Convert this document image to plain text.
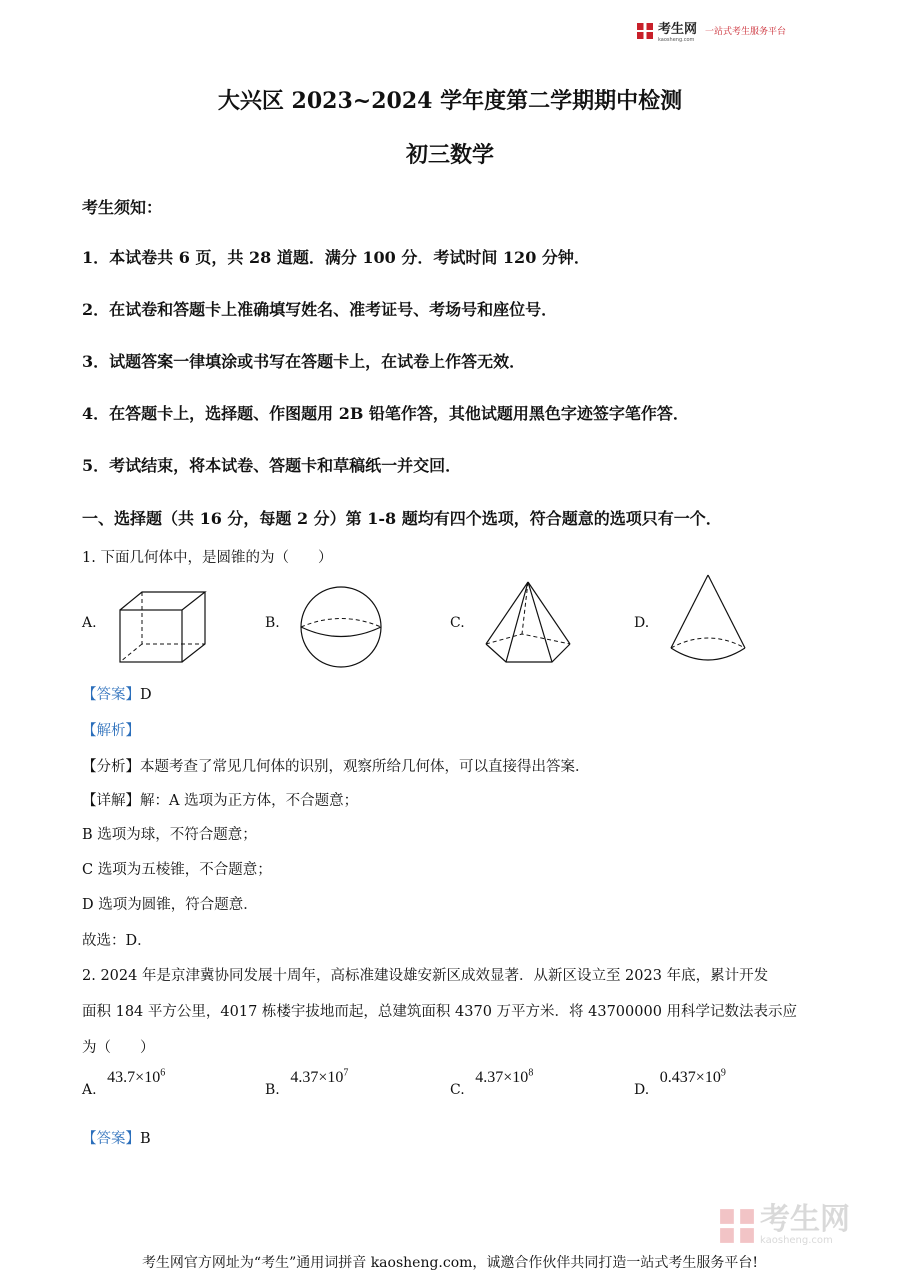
考生网
kaosheng.com
一站式考生服务平台
大兴区 2023~2024 学年度第二学期期中检测
初三数学
考生须知：
1．本试卷共 6 页，共 28 道题．满分 100 分．考试时间 120 分钟．
2．在试卷和答题卡上准确填写姓名、准考证号、考场号和座位号．
3．试题答案一律填涂或书写在答题卡上，在试卷上作答无效．
4．在答题卡上，选择题、作图题用 2B 铅笔作答，其他试题用黑色字迹签字笔作答．
5．考试结束，将本试卷、答题卡和草稿纸一并交回．
一、选择题（共 16 分，每题 2 分）第 1-8 题均有四个选项，符合题意的选项只有一个．
1. 下面几何体中，是圆锥的为（　　）
A.	B.	C.	D.
【答案】D
【解析】
【分析】本题考查了常见几何体的识别，观察所给几何体，可以直接得出答案．
【详解】解：A 选项为正方体，不合题意；
B 选项为球，不符合题意；
C 选项为五棱锥，不合题意；
D 选项为圆锥，符合题意．
故选：D．
2. 2024 年是京津冀协同发展十周年，高标准建设雄安新区成效显著．从新区设立至 2023 年底，累计开发
面积 184 平方公里，4017 栋楼宇拔地而起，总建筑面积 4370 万平方米．将 43700000 用科学记数法表示应
为（　　）
A. $43.7\times 10^6$
B. $4.37\times 10^7$
C. $4.37\times 10^8$
D. $0.437\times 10^9$
【答案】B
考生网
kaosheng.com
考生网官方网址为“考生”通用词拼音 kaosheng.com，诚邀合作伙伴共同打造一站式考生服务平台!
